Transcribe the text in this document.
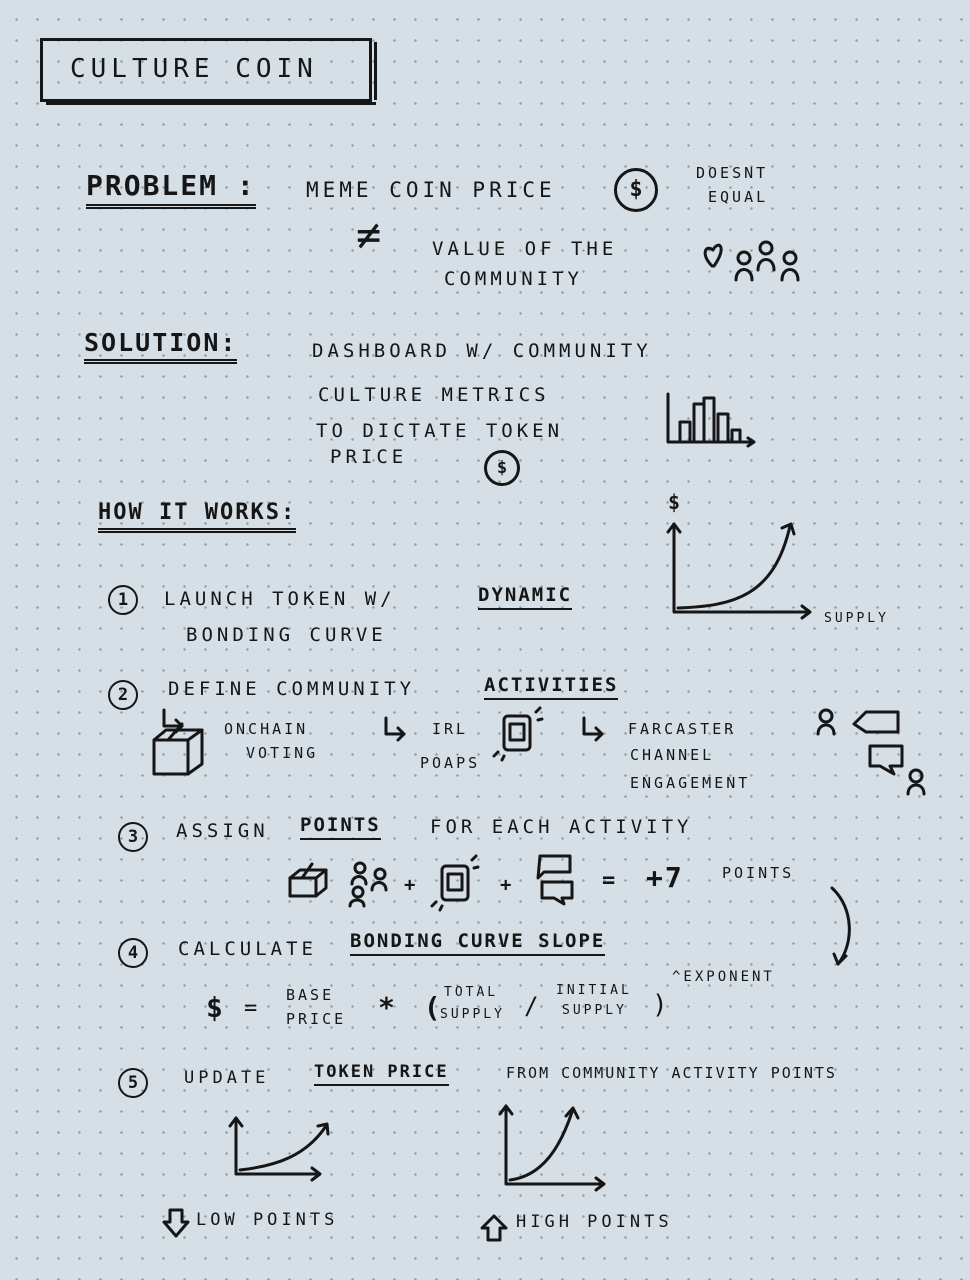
CULTURE COIN
PROBLEM : MEME COIN PRICE	$
DOESNT
EQUAL
≠	VALUE OF THE
COMMUNITY
SOLUTION:	DASHBOARD W/ COMMUNITY
CULTURE METRICS
TO DICTATE TOKEN
PRICE	$
HOW IT WORKS:	$
SUPPLY
1	LAUNCH TOKEN W/	DYNAMIC
BONDING CURVE
2	DEFINE COMMUNITY	ACTIVITIES
ONCHAIN
VOTING
IRL
POAPS
FARCASTER
CHANNEL
ENGAGEMENT
3	ASSIGN POINTS	FOR EACH ACTIVITY
+	+	= +7	POINTS
4	CALCULATE BONDING CURVE SLOPE
$ =
BASE
PRICE * (
TOTAL
SUPPLY /
INITIAL
SUPPLY )
^EXPONENT
5	UPDATE	TOKEN PRICE	FROM COMMUNITY ACTIVITY POINTS
LOW POINTS	HIGH POINTS
